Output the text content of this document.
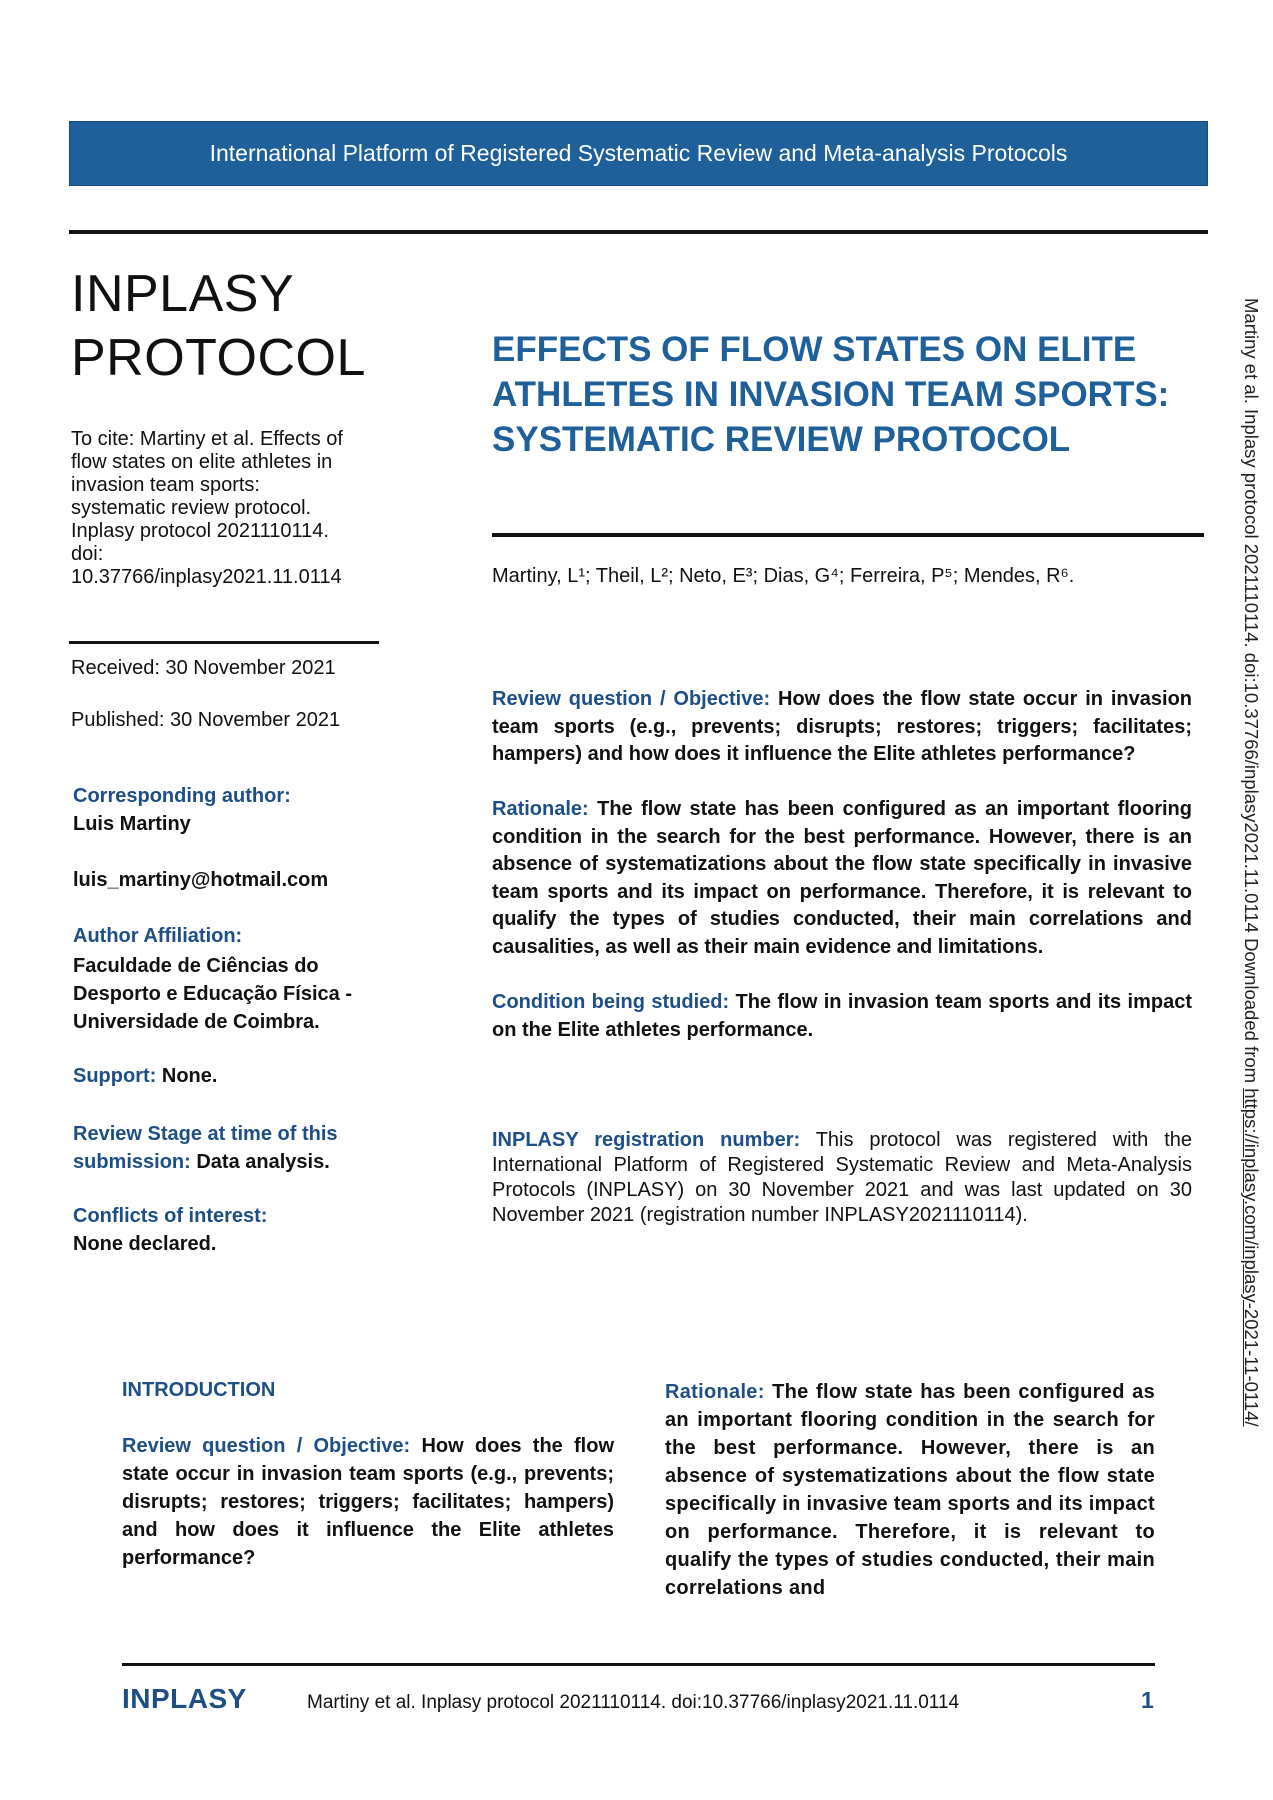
International Platform of Registered Systematic Review and Meta-analysis Protocols
INPLASY
PROTOCOL
To cite: Martiny et al. Effects of
flow states on elite athletes in
invasion team sports:
systematic review protocol.
Inplasy protocol 2021110114.
doi:
10.37766/inplasy2021.11.0114
Received: 30 November 2021
Published: 30 November 2021
Corresponding author:
Luis Martiny
luis_martiny@hotmail.com
Author Affiliation:
Faculdade de Ciências do
Desporto e Educação Física -
Universidade de Coimbra.
Support: None.
Review Stage at time of this
submission: Data analysis.
Conflicts of interest:
None declared.
EFFECTS OF FLOW STATES ON ELITE
ATHLETES IN INVASION TEAM SPORTS:
SYSTEMATIC REVIEW PROTOCOL
Martiny, L¹; Theil, L²; Neto, E³; Dias, G⁴; Ferreira, P⁵; Mendes, R⁶.
Review question / Objective: How does the flow state occur in invasion team sports (e.g., prevents; disrupts; restores; triggers; facilitates; hampers) and how does it influence the Elite athletes performance?
Rationale: The flow state has been configured as an important flooring condition in the search for the best performance. However, there is an absence of systematizations about the flow state specifically in invasive team sports and its impact on performance. Therefore, it is relevant to qualify the types of studies conducted, their main correlations and causalities, as well as their main evidence and limitations.
Condition being studied: The flow in invasion team sports and its impact on the Elite athletes performance.
INPLASY registration number: This protocol was registered with the International Platform of Registered Systematic Review and Meta-Analysis Protocols (INPLASY) on 30 November 2021 and was last updated on 30 November 2021 (registration number INPLASY2021110114).
INTRODUCTION
Review question / Objective: How does the flow state occur in invasion team sports (e.g., prevents; disrupts; restores; triggers; facilitates; hampers) and how does it influence the Elite athletes performance?
Rationale: The flow state has been configured as an important flooring condition in the search for the best performance. However, there is an absence of systematizations about the flow state specifically in invasive team sports and its impact on performance. Therefore, it is relevant to qualify the types of studies conducted, their main correlations and
Martiny et al. Inplasy protocol 2021110114. doi:10.37766/inplasy2021.11.0114 Downloaded from https://inplasy.com/inplasy-2021-11-0114/
INPLASY	Martiny et al. Inplasy protocol 2021110114. doi:10.37766/inplasy2021.11.0114	1
